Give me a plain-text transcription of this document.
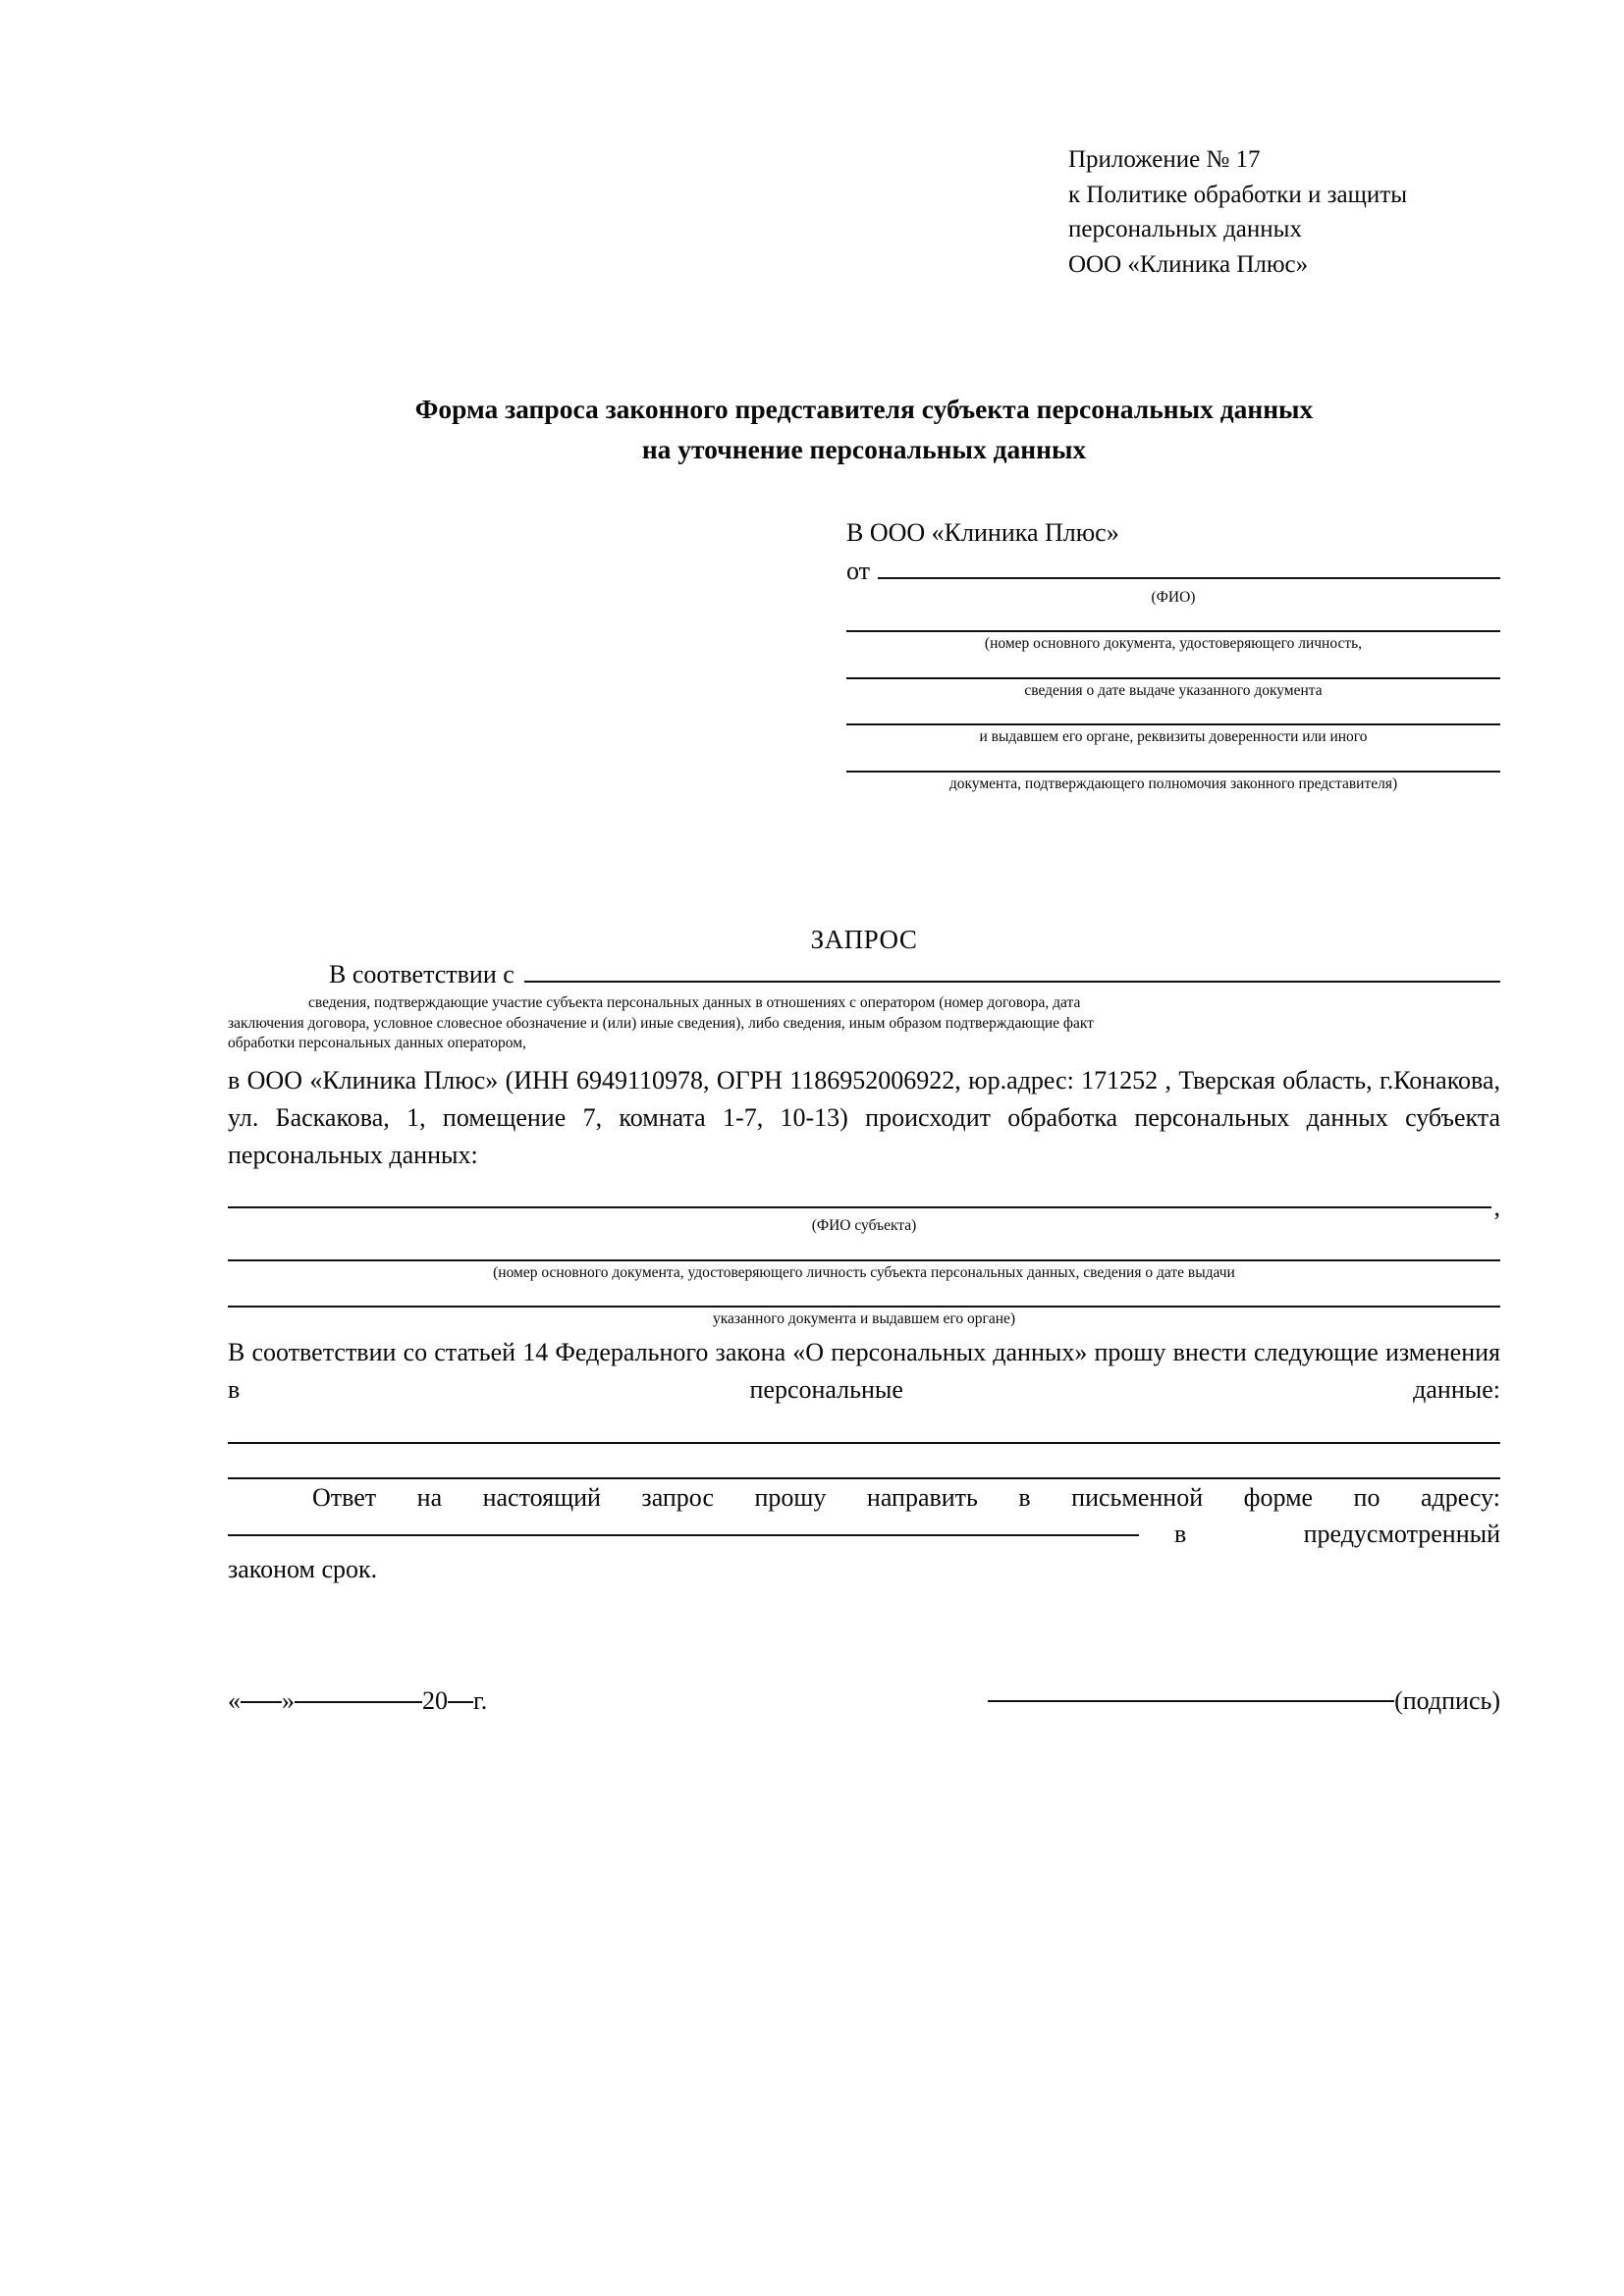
Приложение № 17
к Политике обработки и защиты
персональных данных
ООО «Клиника Плюс»
Форма запроса законного представителя субъекта персональных данных
на уточнение персональных данных
В ООО «Клиника Плюс»
от
(ФИО)
(номер основного документа, удостоверяющего личность,
сведения о дате выдаче указанного документа
и выдавшем его органе, реквизиты доверенности или иного
документа, подтверждающего полномочия законного представителя)
ЗАПРОС
В соответствии с
сведения, подтверждающие участие субъекта персональных данных в отношениях с оператором (номер договора, дата
заключения договора, условное словесное обозначение и (или) иные сведения), либо сведения, иным образом подтверждающие факт
обработки персональных данных оператором,
в ООО «Клиника Плюс» (ИНН 6949110978, ОГРН 1186952006922, юр.адрес: 171252 , Тверская область, г.Конакова, ул. Баскакова, 1, помещение 7, комната 1-7, 10-13) происходит обработка персональных данных субъекта персональных данных:
,
(ФИО субъекта)
(номер основного документа, удостоверяющего личность субъекта персональных данных, сведения о дате выдачи
указанного документа и выдавшем его органе)
В соответствии со статьей 14 Федерального закона «О персональных данных» прошу внести следующие изменения в персональные данные:
Ответ на настоящий запрос прошу направить в письменной форме по адресу:
в	предусмотренный
законом срок.
« »	20 г.	(подпись)
